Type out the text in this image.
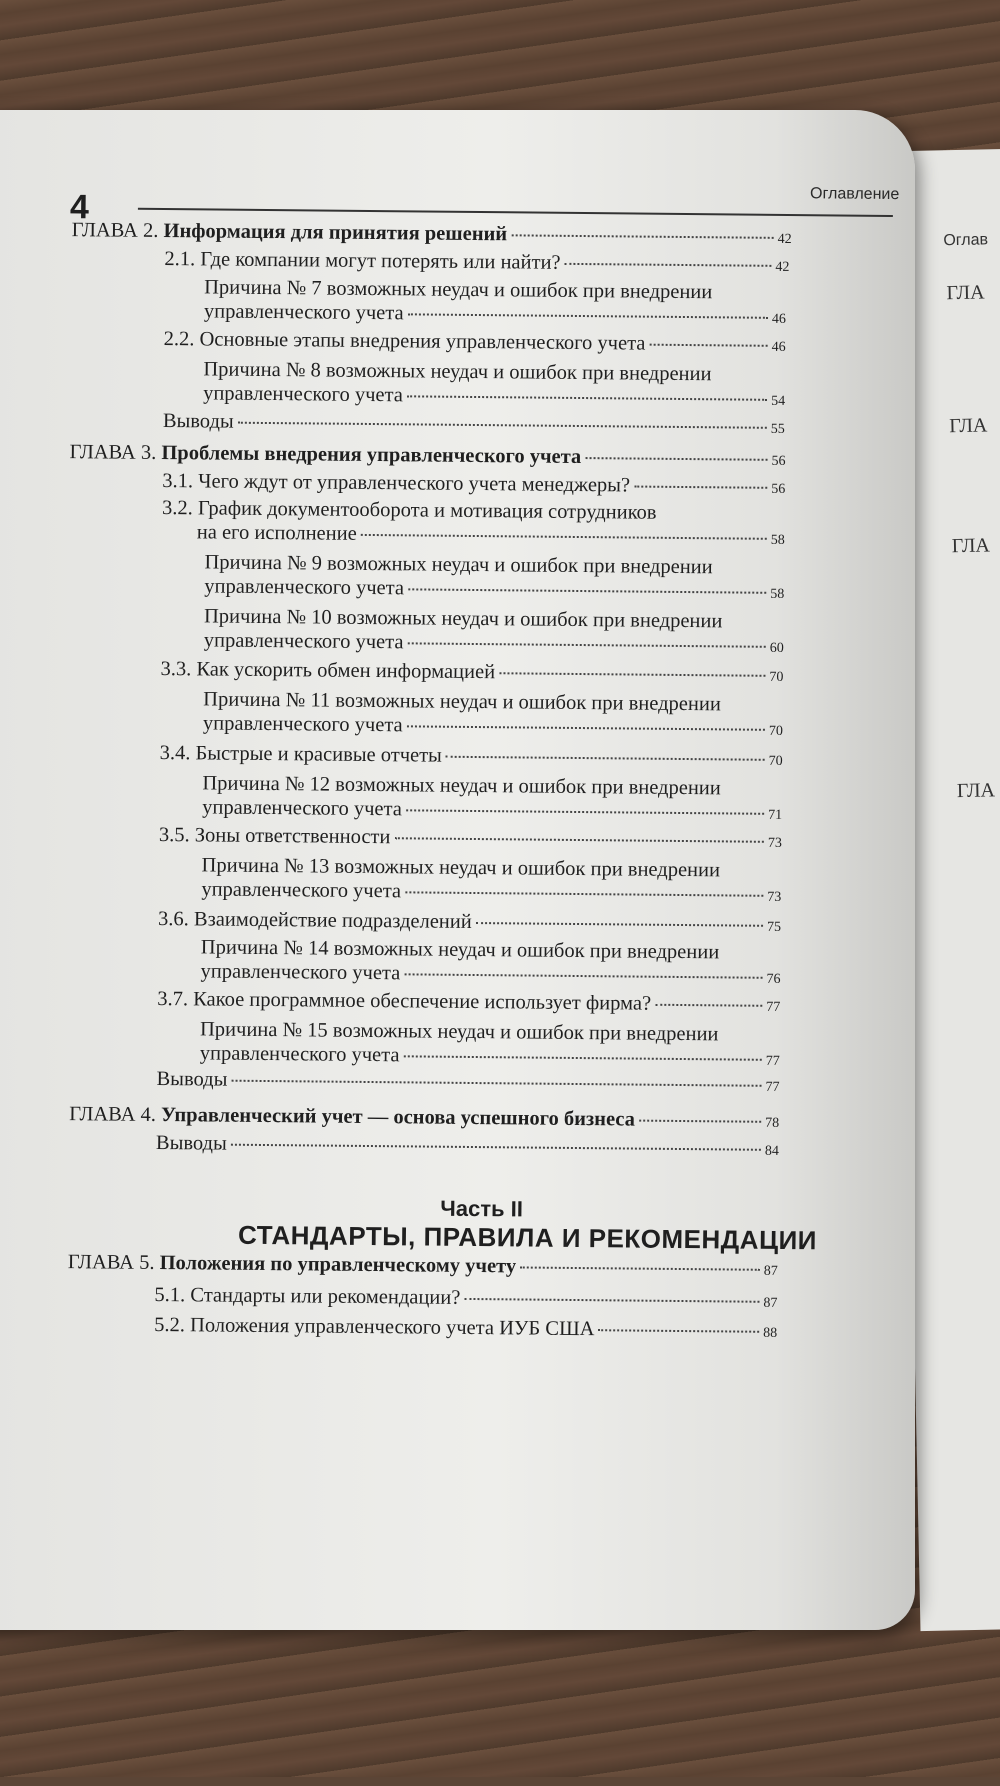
Оглав
ГЛА
ГЛА
ГЛА
ГЛА
4	Оглавление
ГЛАВА 2. Информация для принятия решений	42
2.1. Где компании могут потерять или найти?	42
Причина № 7 возможных неудач и ошибок при внедрении
управленческого учета	46
2.2. Основные этапы внедрения управленческого учета	46
Причина № 8 возможных неудач и ошибок при внедрении
управленческого учета	54
Выводы	55
ГЛАВА 3. Проблемы внедрения управленческого учета	56
3.1. Чего ждут от управленческого учета менеджеры?	56
3.2. График документооборота и мотивация сотрудников
на его исполнение	58
Причина № 9 возможных неудач и ошибок при внедрении
управленческого учета	58
Причина № 10 возможных неудач и ошибок при внедрении
управленческого учета	60
3.3. Как ускорить обмен информацией	70
Причина № 11 возможных неудач и ошибок при внедрении
управленческого учета	70
3.4. Быстрые и красивые отчеты	70
Причина № 12 возможных неудач и ошибок при внедрении
управленческого учета	71
3.5. Зоны ответственности	73
Причина № 13 возможных неудач и ошибок при внедрении
управленческого учета	73
3.6. Взаимодействие подразделений	75
Причина № 14 возможных неудач и ошибок при внедрении
управленческого учета	76
3.7. Какое программное обеспечение использует фирма?	77
Причина № 15 возможных неудач и ошибок при внедрении
управленческого учета	77
Выводы	77
ГЛАВА 4. Управленческий учет — основа успешного бизнеса	78
Выводы	84
Часть II
СТАНДАРТЫ, ПРАВИЛА И РЕКОМЕНДАЦИИ
ГЛАВА 5. Положения по управленческому учету	87
5.1. Стандарты или рекомендации?	87
5.2. Положения управленческого учета ИУБ США	88
